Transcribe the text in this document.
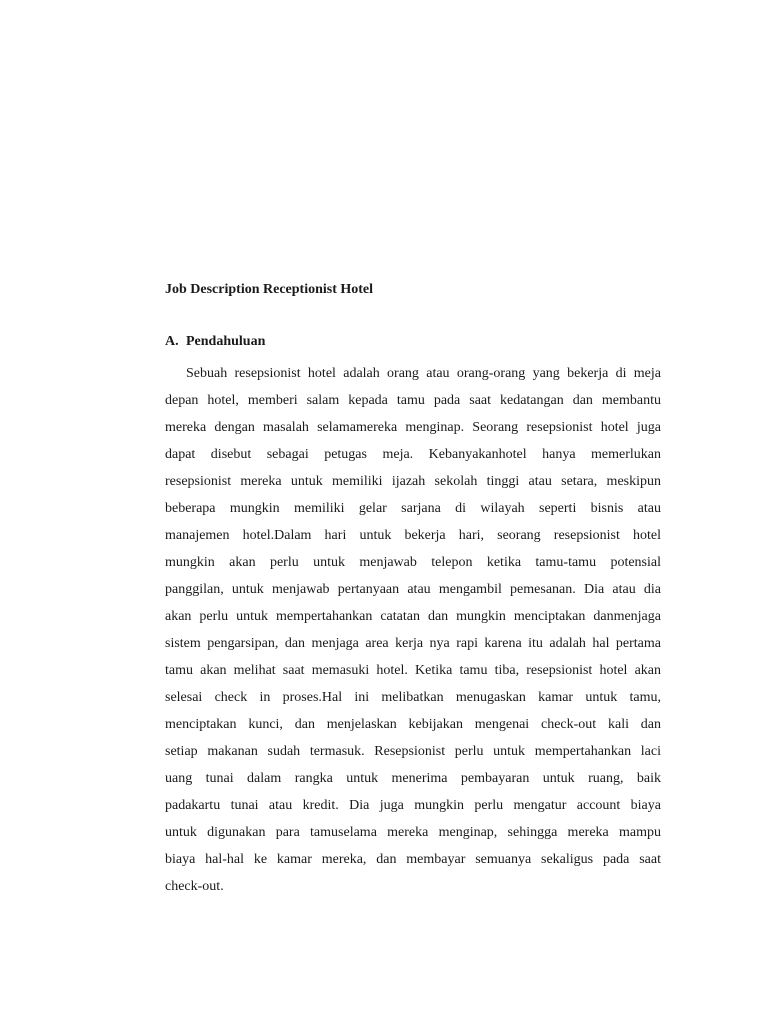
Job Description Receptionist Hotel
A. Pendahuluan
Sebuah resepsionist hotel adalah orang atau orang-orang yang bekerja di meja
depan hotel, memberi salam kepada tamu pada saat kedatangan dan membantu
mereka dengan masalah selamamereka menginap. Seorang resepsionist hotel juga
dapat disebut sebagai petugas meja. Kebanyakanhotel hanya memerlukan
resepsionist mereka untuk memiliki ijazah sekolah tinggi atau setara, meskipun
beberapa mungkin memiliki gelar sarjana di wilayah seperti bisnis atau
manajemen hotel.Dalam hari untuk bekerja hari, seorang resepsionist hotel
mungkin akan perlu untuk menjawab telepon ketika tamu-tamu potensial
panggilan, untuk menjawab pertanyaan atau mengambil pemesanan. Dia atau dia
akan perlu untuk mempertahankan catatan dan mungkin menciptakan danmenjaga
sistem pengarsipan, dan menjaga area kerja nya rapi karena itu adalah hal pertama
tamu akan melihat saat memasuki hotel. Ketika tamu tiba, resepsionist hotel akan
selesai check in proses.Hal ini melibatkan menugaskan kamar untuk tamu,
menciptakan kunci, dan menjelaskan kebijakan mengenai check-out kali dan
setiap makanan sudah termasuk. Resepsionist perlu untuk mempertahankan laci
uang tunai dalam rangka untuk menerima pembayaran untuk ruang, baik
padakartu tunai atau kredit. Dia juga mungkin perlu mengatur account biaya
untuk digunakan para tamuselama mereka menginap, sehingga mereka mampu
biaya hal-hal ke kamar mereka, dan membayar semuanya sekaligus pada saat
check-out.
